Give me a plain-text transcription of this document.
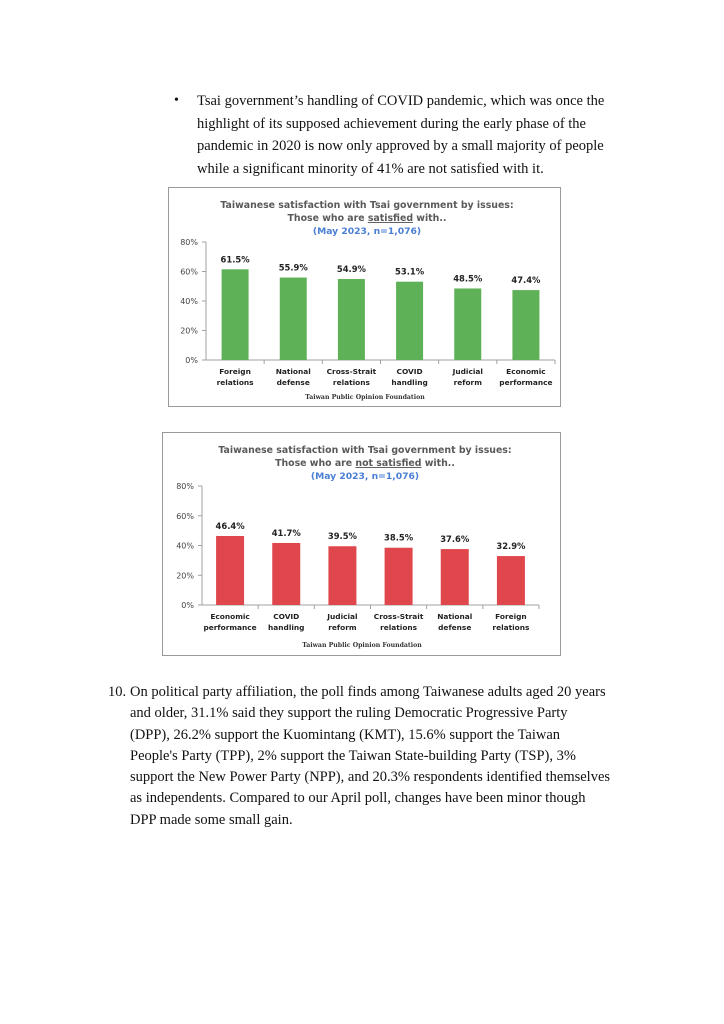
• Tsai government’s handling of COVID pandemic, which was once the
highlight of its supposed achievement during the early phase of the
pandemic in 2020 is now only approved by a small majority of people
while a significant minority of 41% are not satisfied with it.
Taiwanese satisfaction with Tsai government by issues:
Those who are satisfied with..
(May 2023, n=1,076)
0%
20%
40%
60%
80%
61.5%
Foreign
relations
55.9%
National
defense
54.9%
Cross-Strait
relations
53.1%
COVID
handling
48.5%
Judicial
reform
47.4%
Economic
performance
Taiwan Public Opinion Foundation
Taiwanese satisfaction with Tsai government by issues:
Those who are not satisfied with..
(May 2023, n=1,076)
0%
20%
40%
60%
80%
46.4%
Economic
performance
41.7%
COVID
handling
39.5%
Judicial
reform
38.5%
Cross-Strait
relations
37.6%
National
defense
32.9%
Foreign
relations
Taiwan Public Opinion Foundation
10. On political party affiliation, the poll finds among Taiwanese adults aged 20 years
and older, 31.1% said they support the ruling Democratic Progressive Party
(DPP), 26.2% support the Kuomintang (KMT), 15.6% support the Taiwan
People's Party (TPP), 2% support the Taiwan State-building Party (TSP), 3%
support the New Power Party (NPP), and 20.3% respondents identified themselves
as independents. Compared to our April poll, changes have been minor though
DPP made some small gain.
